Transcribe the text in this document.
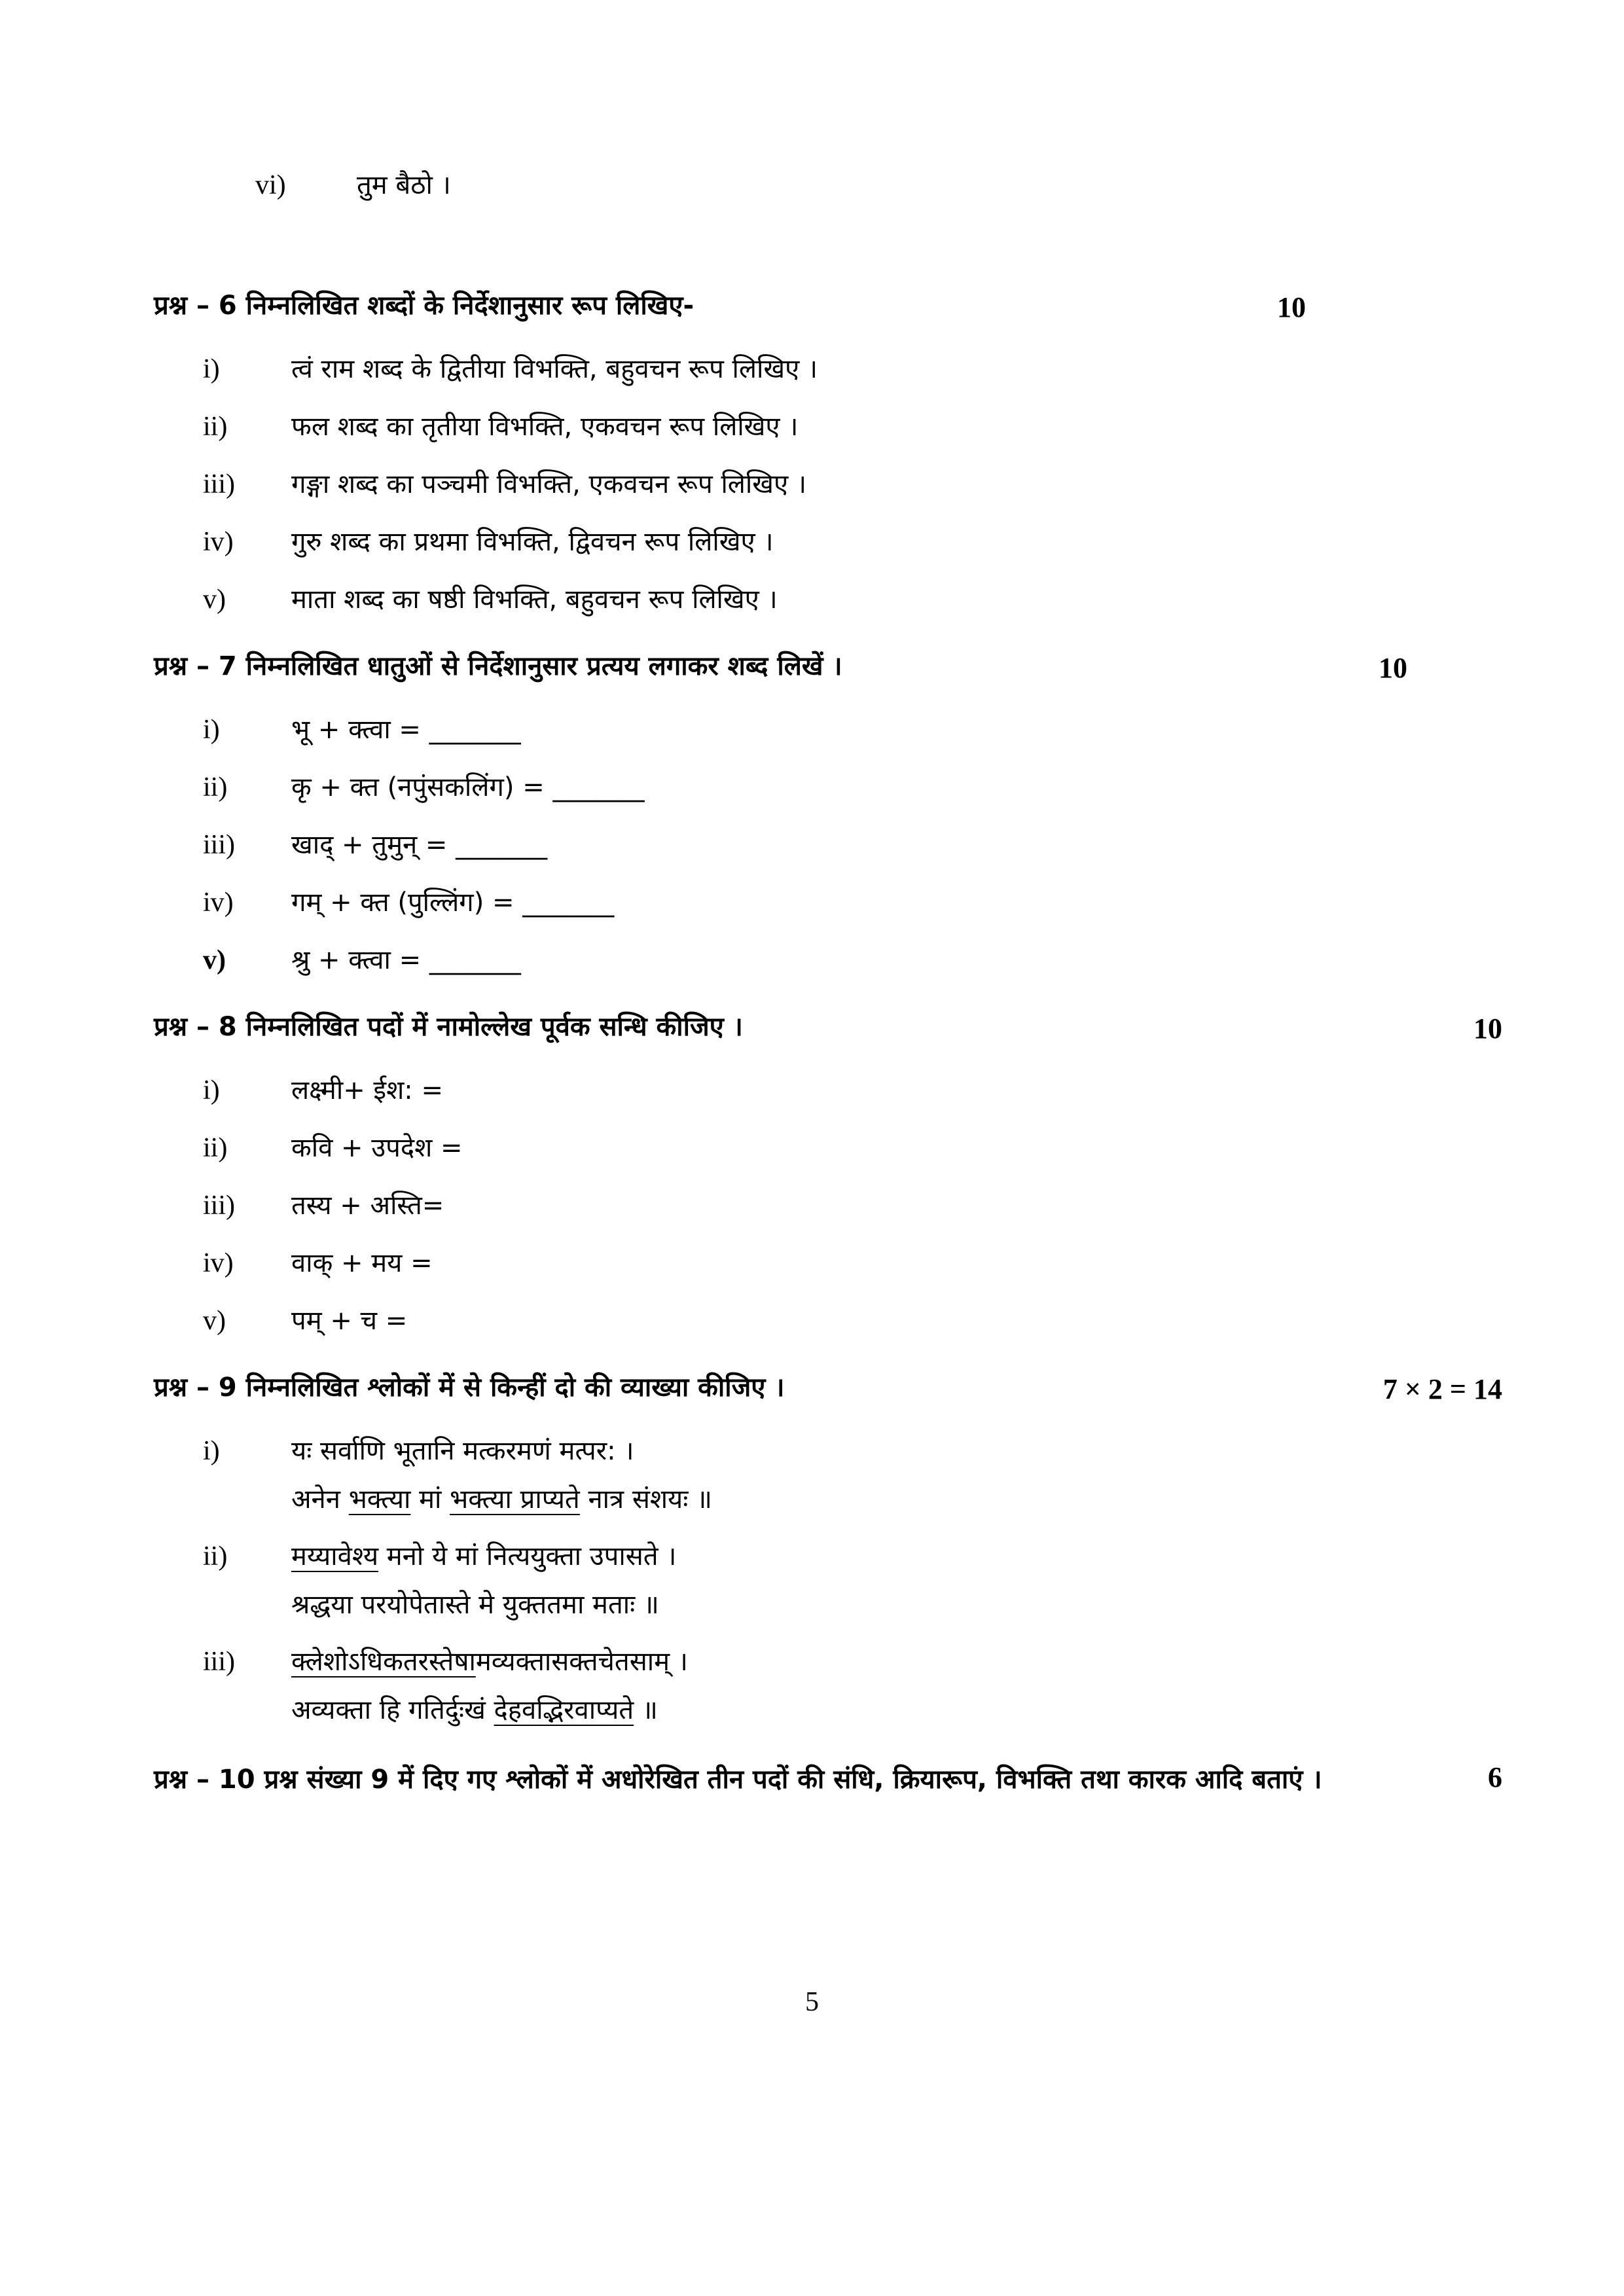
vi)	तुम बैठो ।
प्रश्न – 6 निम्नलिखित शब्दों के निर्देशानुसार रूप लिखिए-	10
i)	त्वं राम शब्द के द्वितीया विभक्ति, बहुवचन रूप लिखिए ।
ii)	फल शब्द का तृतीया विभक्ति, एकवचन रूप लिखिए ।
iii)	गङ्गा शब्द का पञ्चमी विभक्ति, एकवचन रूप लिखिए ।
iv)	गुरु शब्द का प्रथमा विभक्ति, द्विवचन रूप लिखिए ।
v)	माता शब्द का षष्ठी विभक्ति, बहुवचन रूप लिखिए ।
प्रश्न – 7 निम्नलिखित धातुओं से निर्देशानुसार प्रत्यय लगाकर शब्द लिखें ।	10
i)	भू + क्त्वा = _______
ii)	कृ + क्त (नपुंसकलिंग) = _______
iii)	खाद् + तुमुन् = _______
iv)	गम् + क्त (पुल्लिंग) = _______
v)	श्रु + क्त्वा = _______
प्रश्न – 8 निम्नलिखित पदों में नामोल्लेख पूर्वक सन्धि कीजिए ।	10
i)	लक्ष्मी+ ईश: =
ii)	कवि + उपदेश =
iii)	तस्य + अस्ति=
iv)	वाक् + मय =
v)	पम् + च =
प्रश्न – 9 निम्नलिखित श्लोकों में से किन्हीं दो की व्याख्या कीजिए ।	7 × 2 = 14
i)	यः सर्वाणि भूतानि मत्करमणं मत्पर: ।
अनेन भक्त्या मां भक्त्या प्राप्यते नात्र संशयः ॥
ii)	मय्यावेश्य मनो ये मां नित्ययुक्ता उपासते ।
श्रद्धया परयोपेतास्ते मे युक्ततमा मताः ॥
iii)	क्लेशोऽधिकतरस्तेषामव्यक्तासक्तचेतसाम् ।
अव्यक्ता हि गतिर्दुःखं देहवद्भिरवाप्यते ॥
प्रश्न – 10 प्रश्न संख्या 9 में दिए गए श्लोकों में अधोरेखित तीन पदों की संधि, क्रियारूप, विभक्ति तथा कारक आदि बताएं ।	6
5
